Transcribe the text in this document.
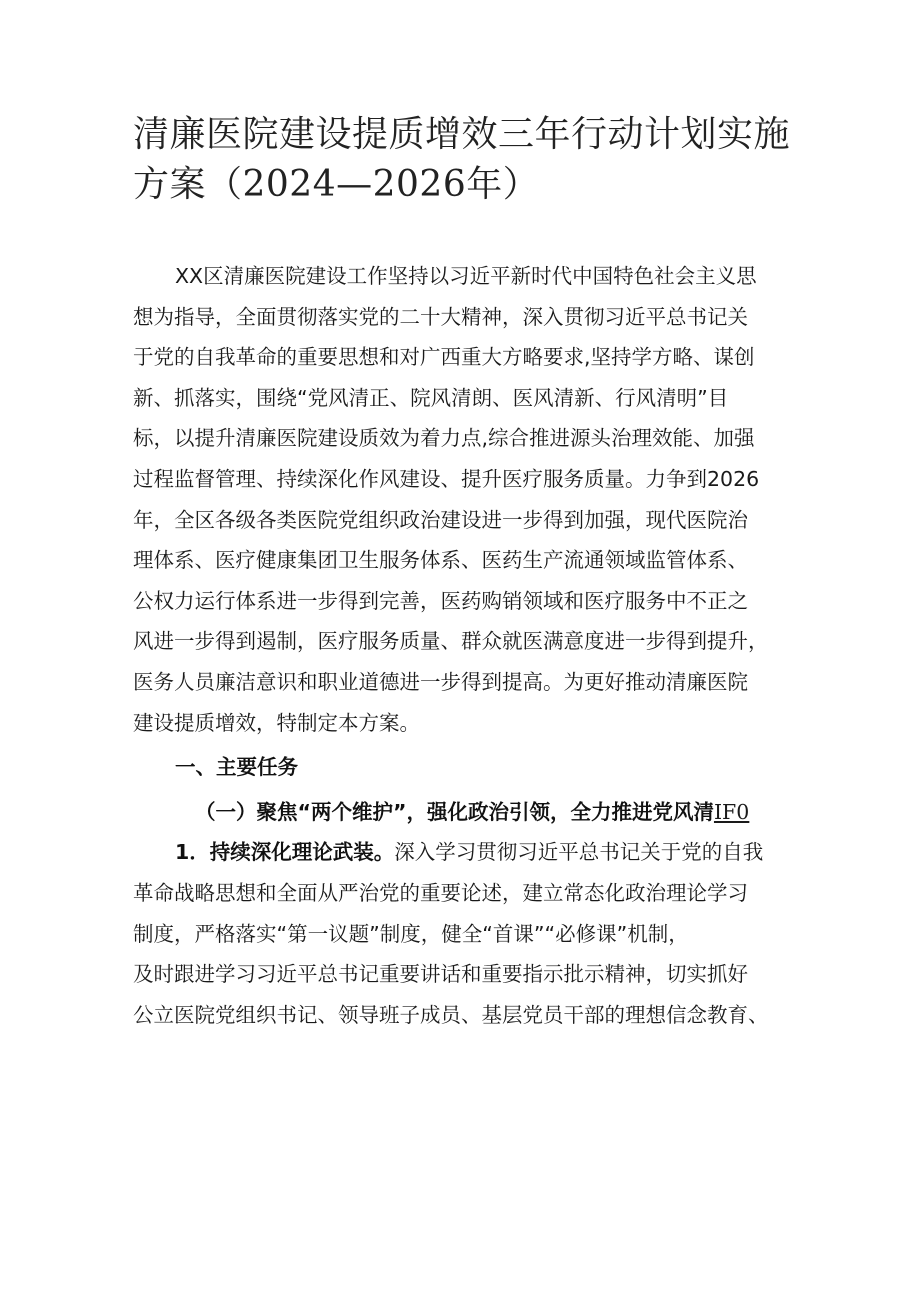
清廉医院建设提质增效三年行动计划实施
方案（2024—2026年）
XX区清廉医院建设工作坚持以习近平新时代中国特色社会主义思
想为指导，全面贯彻落实党的二十大精神，深入贯彻习近平总书记关
于党的自我革命的重要思想和对广西重大方略要求,坚持学方略、谋创
新、抓落实，围绕“党风清正、院风清朗、医风清新、行风清明”目
标，以提升清廉医院建设质效为着力点,综合推进源头治理效能、加强
过程监督管理、持续深化作风建设、提升医疗服务质量。力争到2026
年，全区各级各类医院党组织政治建设进一步得到加强，现代医院治
理体系、医疗健康集团卫生服务体系、医药生产流通领域监管体系、
公权力运行体系进一步得到完善，医药购销领域和医疗服务中不正之
风进一步得到遏制，医疗服务质量、群众就医满意度进一步得到提升，
医务人员廉洁意识和职业道德进一步得到提高。为更好推动清廉医院
建设提质增效，特制定本方案。
一、主要任务
（一）聚焦“两个维护”，强化政治引领，全力推进党风清IF0
1．持续深化理论武装。深入学习贯彻习近平总书记关于党的自我
革命战略思想和全面从严治党的重要论述，建立常态化政治理论学习
制度，严格落实“第一议题”制度，健全“首课”“必修课”机制，
及时跟进学习习近平总书记重要讲话和重要指示批示精神，切实抓好
公立医院党组织书记、领导班子成员、基层党员干部的理想信念教育、
